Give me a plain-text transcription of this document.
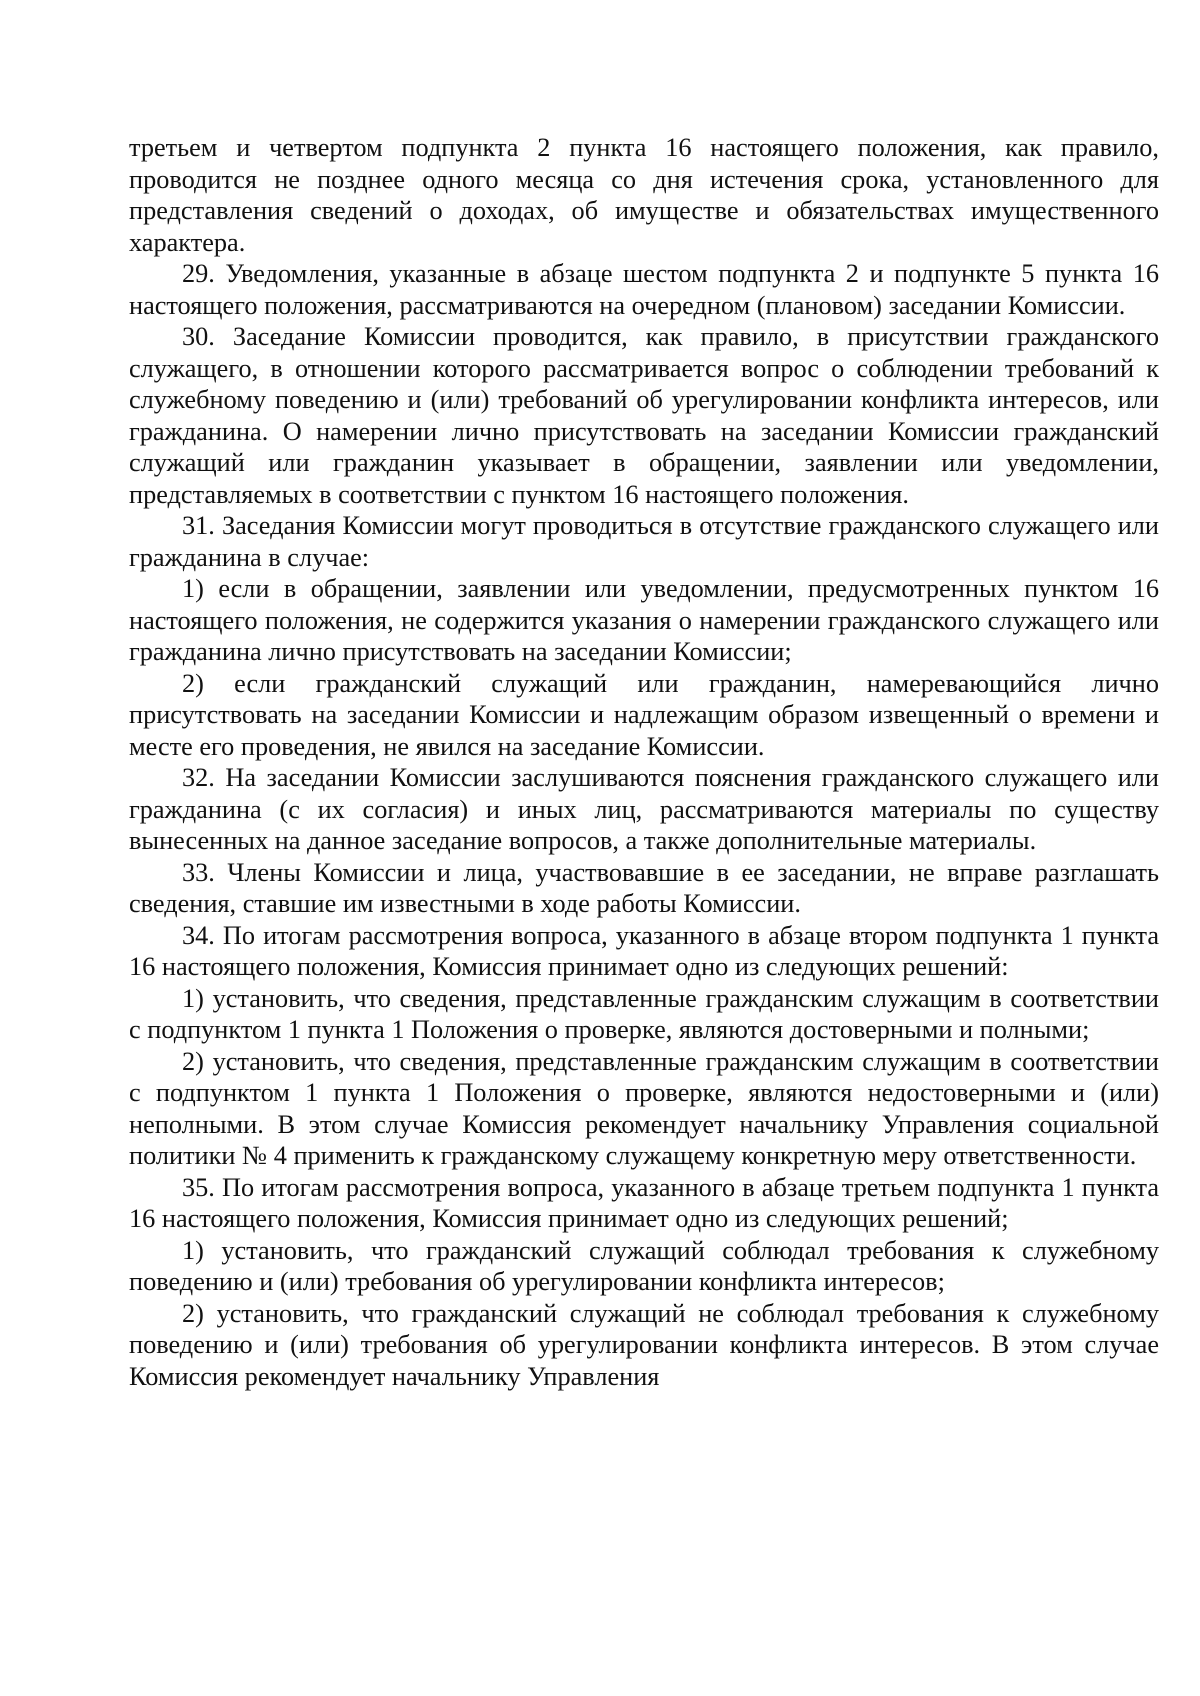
третьем и четвертом подпункта 2 пункта 16 настоящего положения, как правило, проводится не позднее одного месяца со дня истечения срока, установленного для представления сведений о доходах, об имуществе и обязательствах имущественного характера.

29. Уведомления, указанные в абзаце шестом подпункта 2 и подпункте 5 пункта 16 настоящего положения, рассматриваются на очередном (плановом) заседании Комиссии.

30. Заседание Комиссии проводится, как правило, в присутствии гражданского служащего, в отношении которого рассматривается вопрос о соблюдении требований к служебному поведению и (или) требований об урегулировании конфликта интересов, или гражданина. О намерении лично присутствовать на заседании Комиссии гражданский служащий или гражданин указывает в обращении, заявлении или уведомлении, представляемых в соответствии с пунктом 16 настоящего положения.

31. Заседания Комиссии могут проводиться в отсутствие гражданского служащего или гражданина в случае:

1) если в обращении, заявлении или уведомлении, предусмотренных пунктом 16 настоящего положения, не содержится указания о намерении гражданского служащего или гражданина лично присутствовать на заседании Комиссии;

2) если гражданский служащий или гражданин, намеревающийся лично присутствовать на заседании Комиссии и надлежащим образом извещенный о времени и месте его проведения, не явился на заседание Комиссии.

32. На заседании Комиссии заслушиваются пояснения гражданского служащего или гражданина (с их согласия) и иных лиц, рассматриваются материалы по существу вынесенных на данное заседание вопросов, а также дополнительные материалы.

33. Члены Комиссии и лица, участвовавшие в ее заседании, не вправе разглашать сведения, ставшие им известными в ходе работы Комиссии.

34. По итогам рассмотрения вопроса, указанного в абзаце втором подпункта 1 пункта 16 настоящего положения, Комиссия принимает одно из следующих решений:

1) установить, что сведения, представленные гражданским служащим в соответствии с подпунктом 1 пункта 1 Положения о проверке, являются достоверными и полными;

2) установить, что сведения, представленные гражданским служащим в соответствии с подпунктом 1 пункта 1 Положения о проверке, являются недостоверными и (или) неполными. В этом случае Комиссия рекомендует начальнику Управления социальной политики № 4 применить к гражданскому служащему конкретную меру ответственности.

35. По итогам рассмотрения вопроса, указанного в абзаце третьем подпункта 1 пункта 16 настоящего положения, Комиссия принимает одно из следующих решений;

1) установить, что гражданский служащий соблюдал требования к служебному поведению и (или) требования об урегулировании конфликта интересов;

2) установить, что гражданский служащий не соблюдал требования к служебному поведению и (или) требования об урегулировании конфликта интересов. В этом случае Комиссия рекомендует начальнику Управления
